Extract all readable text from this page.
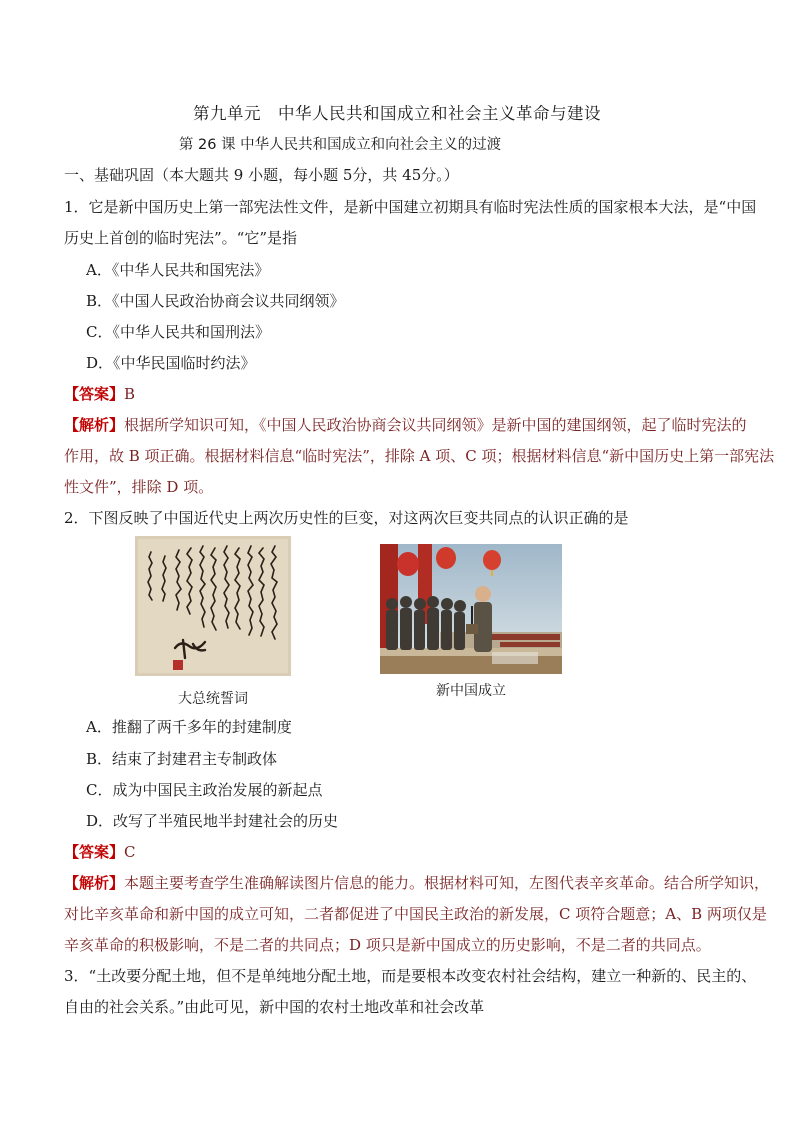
第九单元　中华人民共和国成立和社会主义革命与建设
第 26 课 中华人民共和国成立和向社会主义的过渡
一、基础巩固（本大题共 9 小题，每小题 5分，共 45分。）
1．它是新中国历史上第一部宪法性文件，是新中国建立初期具有临时宪法性质的国家根本大法，是“中国
历史上首创的临时宪法”。“它”是指
A．《中华人民共和国宪法》
B．《中国人民政治协商会议共同纲领》
C．《中华人民共和国刑法》
D．《中华民国临时约法》
【答案】B
【解析】根据所学知识可知，《中国人民政治协商会议共同纲领》是新中国的建国纲领，起了临时宪法的
作用，故 B 项正确。根据材料信息“临时宪法”，排除 A 项、C 项；根据材料信息“新中国历史上第一部宪法
性文件”，排除 D 项。
2．下图反映了中国近代史上两次历史性的巨变，对这两次巨变共同点的认识正确的是
大总统誓词	新中国成立
A．推翻了两千多年的封建制度
B．结束了封建君主专制政体
C．成为中国民主政治发展的新起点
D．改写了半殖民地半封建社会的历史
【答案】C
【解析】本题主要考查学生准确解读图片信息的能力。根据材料可知，左图代表辛亥革命。结合所学知识，
对比辛亥革命和新中国的成立可知，二者都促进了中国民主政治的新发展，C 项符合题意；A、B 两项仅是
辛亥革命的积极影响，不是二者的共同点；D 项只是新中国成立的历史影响，不是二者的共同点。
3．“土改要分配土地，但不是单纯地分配土地，而是要根本改变农村社会结构，建立一种新的、民主的、
自由的社会关系。”由此可见，新中国的农村土地改革和社会改革
